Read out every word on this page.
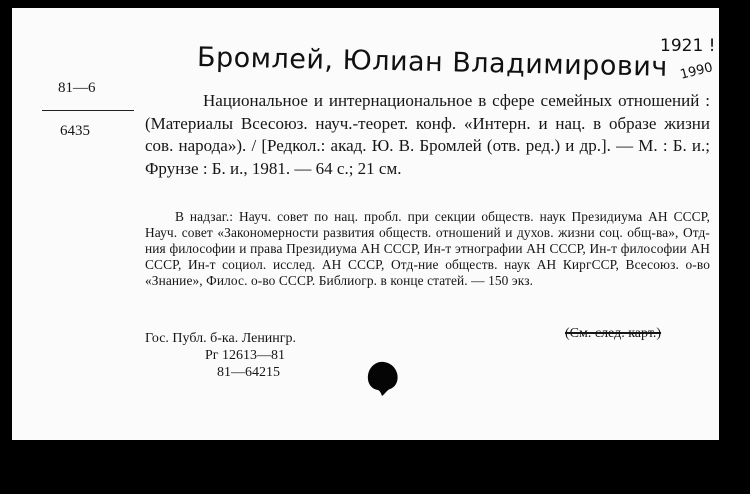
Бромлей, Юлиан Владимирович
1921 !
1990
81—6
6435

Национальное и интернациональное в сфере семейных отношений : (Материалы Всесоюз. науч.-теорет. конф. «Интерн. и нац. в образе жизни сов. народа»). / [Редкол.: акад. Ю. В. Бромлей (отв. ред.) и др.]. — М. : Б. и.; Фрунзе : Б. и., 1981. — 64 с.; 21 см.

В надзаг.: Науч. совет по нац. пробл. при секции обществ. наук Президиума АН СССР, Науч. совет «Закономерности развития обществ. отношений и духов. жизни соц. общ-ва», Отд-ния философии и права Президиума АН СССР, Ин-т этнографии АН СССР, Ин-т философии АН СССР, Ин-т социол. исслед. АН СССР, Отд-ние обществ. наук АН КиргССР, Всесоюз. о-во «Знание», Филос. о-во СССР. Библиогр. в конце статей. — 150 экз.

Гос. Публ. б-ка. Ленингр.	(См. след. карт.)
Рг 12613—81
81—64215
